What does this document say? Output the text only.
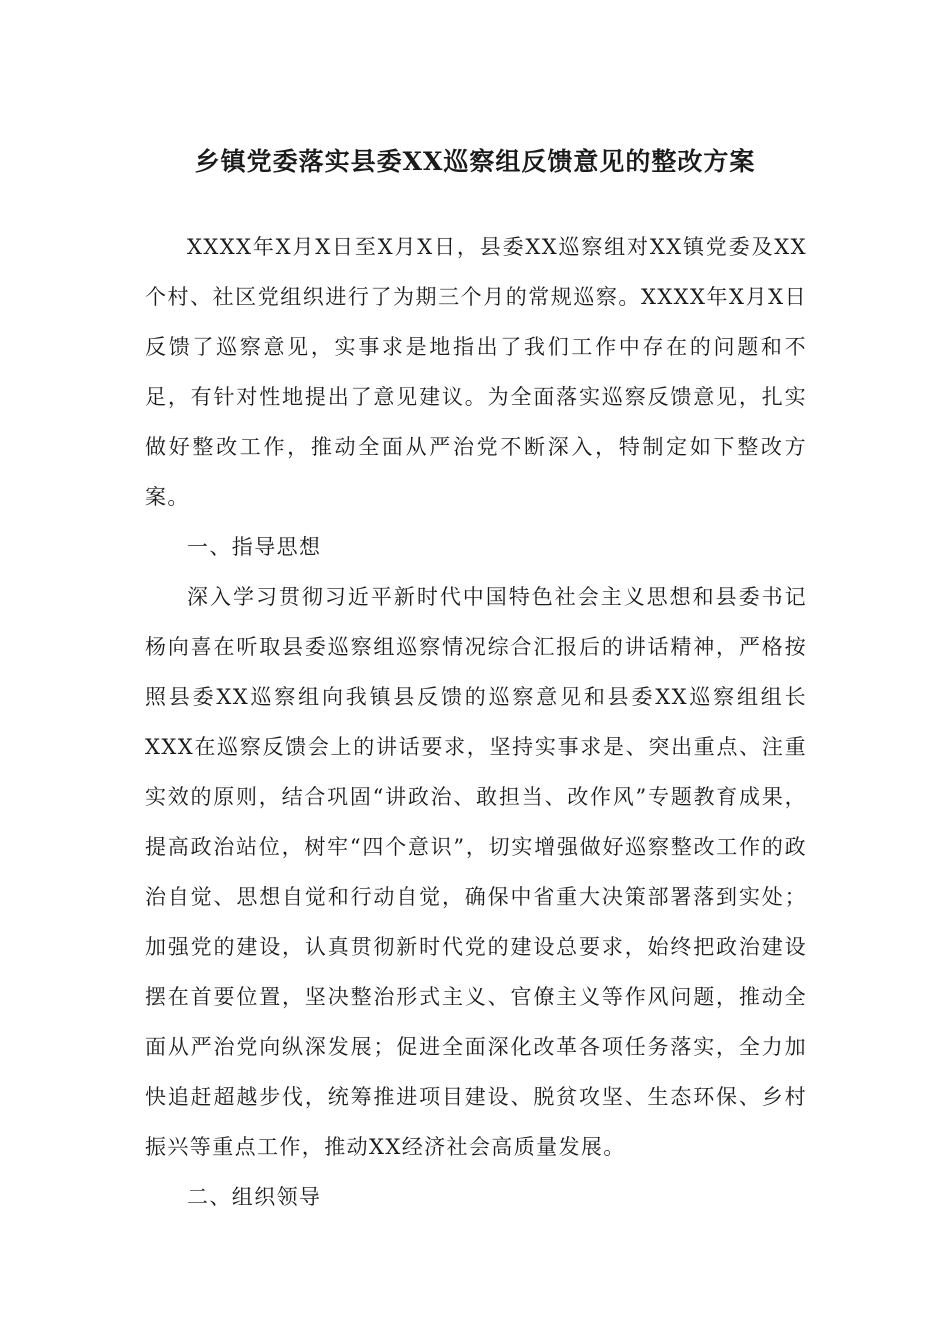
乡镇党委落实县委XX巡察组反馈意见的整改方案

XXXX年X月X日至X月X日，县委XX巡察组对XX镇党委及XX个村、社区党组织进行了为期三个月的常规巡察。XXXX年X月X日反馈了巡察意见，实事求是地指出了我们工作中存在的问题和不足，有针对性地提出了意见建议。为全面落实巡察反馈意见，扎实做好整改工作，推动全面从严治党不断深入，特制定如下整改方案。

一、指导思想

深入学习贯彻习近平新时代中国特色社会主义思想和县委书记杨向喜在听取县委巡察组巡察情况综合汇报后的讲话精神，严格按照县委XX巡察组向我镇县反馈的巡察意见和县委XX巡察组组长XXX在巡察反馈会上的讲话要求，坚持实事求是、突出重点、注重实效的原则，结合巩固“讲政治、敢担当、改作风”专题教育成果，提高政治站位，树牢“四个意识”，切实增强做好巡察整改工作的政治自觉、思想自觉和行动自觉，确保中省重大决策部署落到实处；加强党的建设，认真贯彻新时代党的建设总要求，始终把政治建设摆在首要位置，坚决整治形式主义、官僚主义等作风问题，推动全面从严治党向纵深发展；促进全面深化改革各项任务落实，全力加快追赶超越步伐，统筹推进项目建设、脱贫攻坚、生态环保、乡村振兴等重点工作，推动XX经济社会高质量发展。

二、组织领导
